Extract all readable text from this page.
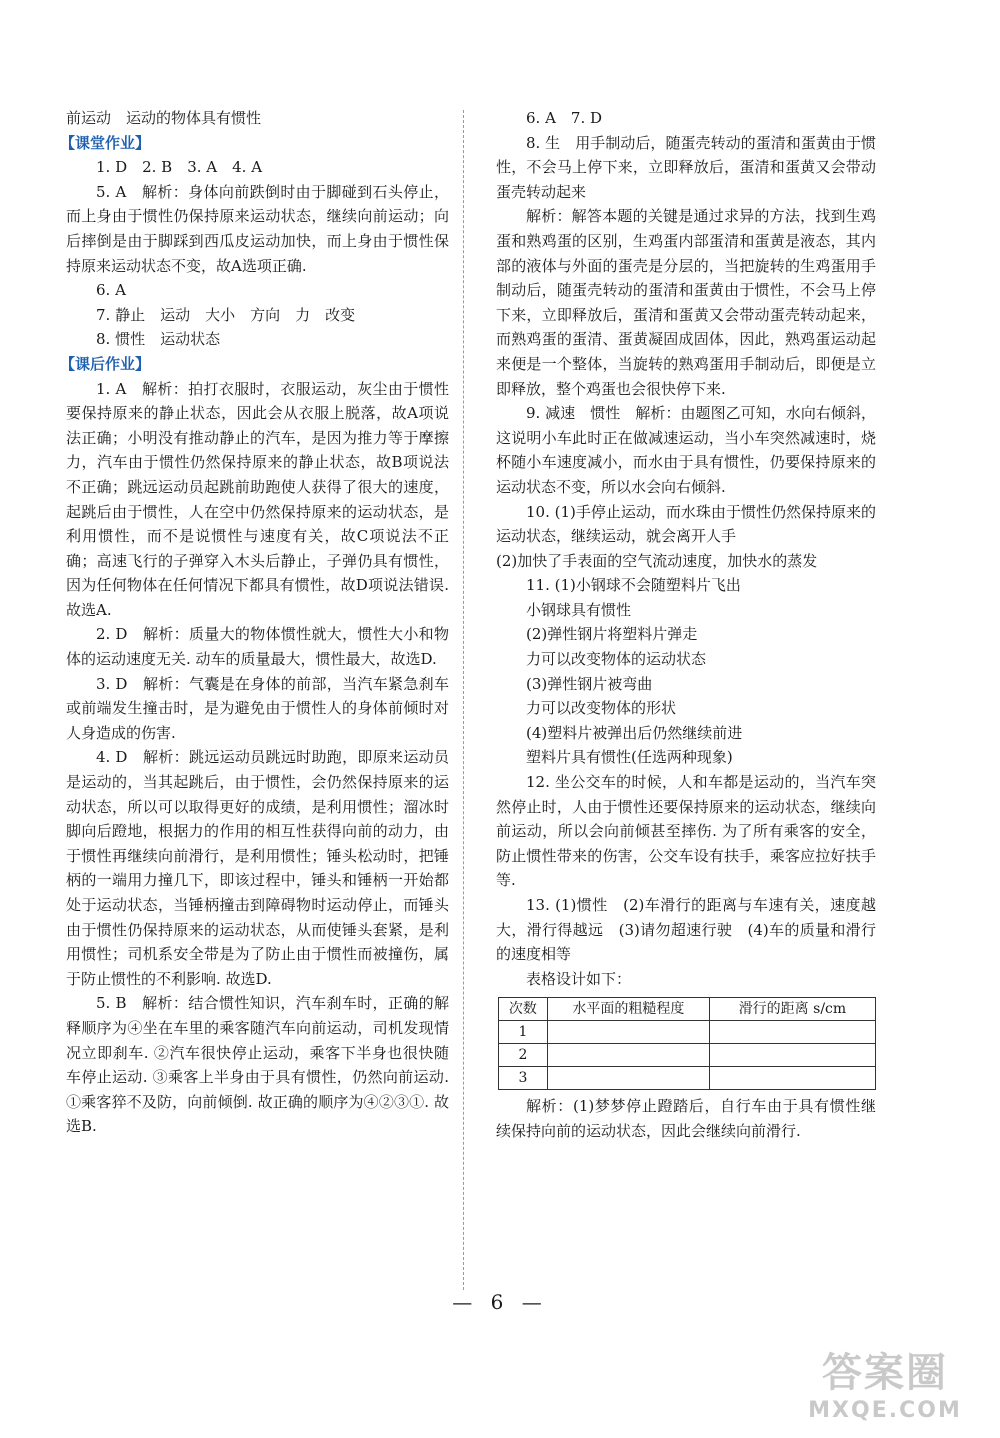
前运动　运动的物体具有惯性

【课堂作业】

1. D　2. B　3. A　4. A

5. A　解析：身体向前跌倒时由于脚碰到石头停止，而上身由于惯性仍保持原来运动状态，继续向前运动；向后摔倒是由于脚踩到西瓜皮运动加快，而上身由于惯性保持原来运动状态不变，故A选项正确.

6. A

7. 静止　运动　大小　方向　力　改变

8. 惯性　运动状态

【课后作业】

1. A　解析：拍打衣服时，衣服运动，灰尘由于惯性要保持原来的静止状态，因此会从衣服上脱落，故A项说法正确；小明没有推动静止的汽车，是因为推力等于摩擦力，汽车由于惯性仍然保持原来的静止状态，故B项说法不正确；跳远运动员起跳前助跑使人获得了很大的速度，起跳后由于惯性，人在空中仍然保持原来的运动状态，是利用惯性，而不是说惯性与速度有关，故C项说法不正确；高速飞行的子弹穿入木头后静止，子弹仍具有惯性，因为任何物体在任何情况下都具有惯性，故D项说法错误. 故选A.

2. D　解析：质量大的物体惯性就大，惯性大小和物体的运动速度无关. 动车的质量最大，惯性最大，故选D.

3. D　解析：气囊是在身体的前部，当汽车紧急刹车或前端发生撞击时，是为避免由于惯性人的身体前倾时对人身造成的伤害.

4. D　解析：跳远运动员跳远时助跑，即原来运动员是运动的，当其起跳后，由于惯性，会仍然保持原来的运动状态，所以可以取得更好的成绩，是利用惯性；溜冰时脚向后蹬地，根据力的作用的相互性获得向前的动力，由于惯性再继续向前滑行，是利用惯性；锤头松动时，把锤柄的一端用力撞几下，即该过程中，锤头和锤柄一开始都处于运动状态，当锤柄撞击到障碍物时运动停止，而锤头由于惯性仍保持原来的运动状态，从而使锤头套紧，是利用惯性；司机系安全带是为了防止由于惯性而被撞伤，属于防止惯性的不利影响. 故选D.

5. B　解析：结合惯性知识，汽车刹车时，正确的解释顺序为④坐在车里的乘客随汽车向前运动，司机发现情况立即刹车. ②汽车很快停止运动，乘客下半身也很快随车停止运动. ③乘客上半身由于具有惯性，仍然向前运动. ①乘客猝不及防，向前倾倒. 故正确的顺序为④②③①. 故选B.

6. A　7. D

8. 生　用手制动后，随蛋壳转动的蛋清和蛋黄由于惯性，不会马上停下来，立即释放后，蛋清和蛋黄又会带动蛋壳转动起来

解析：解答本题的关键是通过求异的方法，找到生鸡蛋和熟鸡蛋的区别，生鸡蛋内部蛋清和蛋黄是液态，其内部的液体与外面的蛋壳是分层的，当把旋转的生鸡蛋用手制动后，随蛋壳转动的蛋清和蛋黄由于惯性，不会马上停下来，立即释放后，蛋清和蛋黄又会带动蛋壳转动起来，而熟鸡蛋的蛋清、蛋黄凝固成固体，因此，熟鸡蛋运动起来便是一个整体，当旋转的熟鸡蛋用手制动后，即便是立即释放，整个鸡蛋也会很快停下来.

9. 减速　惯性　解析：由题图乙可知，水向右倾斜，这说明小车此时正在做减速运动，当小车突然减速时，烧杯随小车速度减小，而水由于具有惯性，仍要保持原来的运动状态不变，所以水会向右倾斜.

10. (1)手停止运动，而水珠由于惯性仍然保持原来的运动状态，继续运动，就会离开人手

(2)加快了手表面的空气流动速度，加快水的蒸发

11. (1)小钢球不会随塑料片飞出

小钢球具有惯性

(2)弹性钢片将塑料片弹走

力可以改变物体的运动状态

(3)弹性钢片被弯曲

力可以改变物体的形状

(4)塑料片被弹出后仍然继续前进

塑料片具有惯性(任选两种现象)

12. 坐公交车的时候，人和车都是运动的，当汽车突然停止时，人由于惯性还要保持原来的运动状态，继续向前运动，所以会向前倾甚至摔伤. 为了所有乘客的安全，防止惯性带来的伤害，公交车设有扶手，乘客应拉好扶手等.

13. (1)惯性　(2)车滑行的距离与车速有关，速度越大，滑行得越远　(3)请勿超速行驶　(4)车的质量和滑行的速度相等

表格设计如下：

次数	水平面的粗糙程度	滑行的距离 s/cm
1		
2		
3		

解析：(1)梦梦停止蹬踏后，自行车由于具有惯性继续保持向前的运动状态，因此会继续向前滑行.

— 6 —
答案圈
MXQE.COM
